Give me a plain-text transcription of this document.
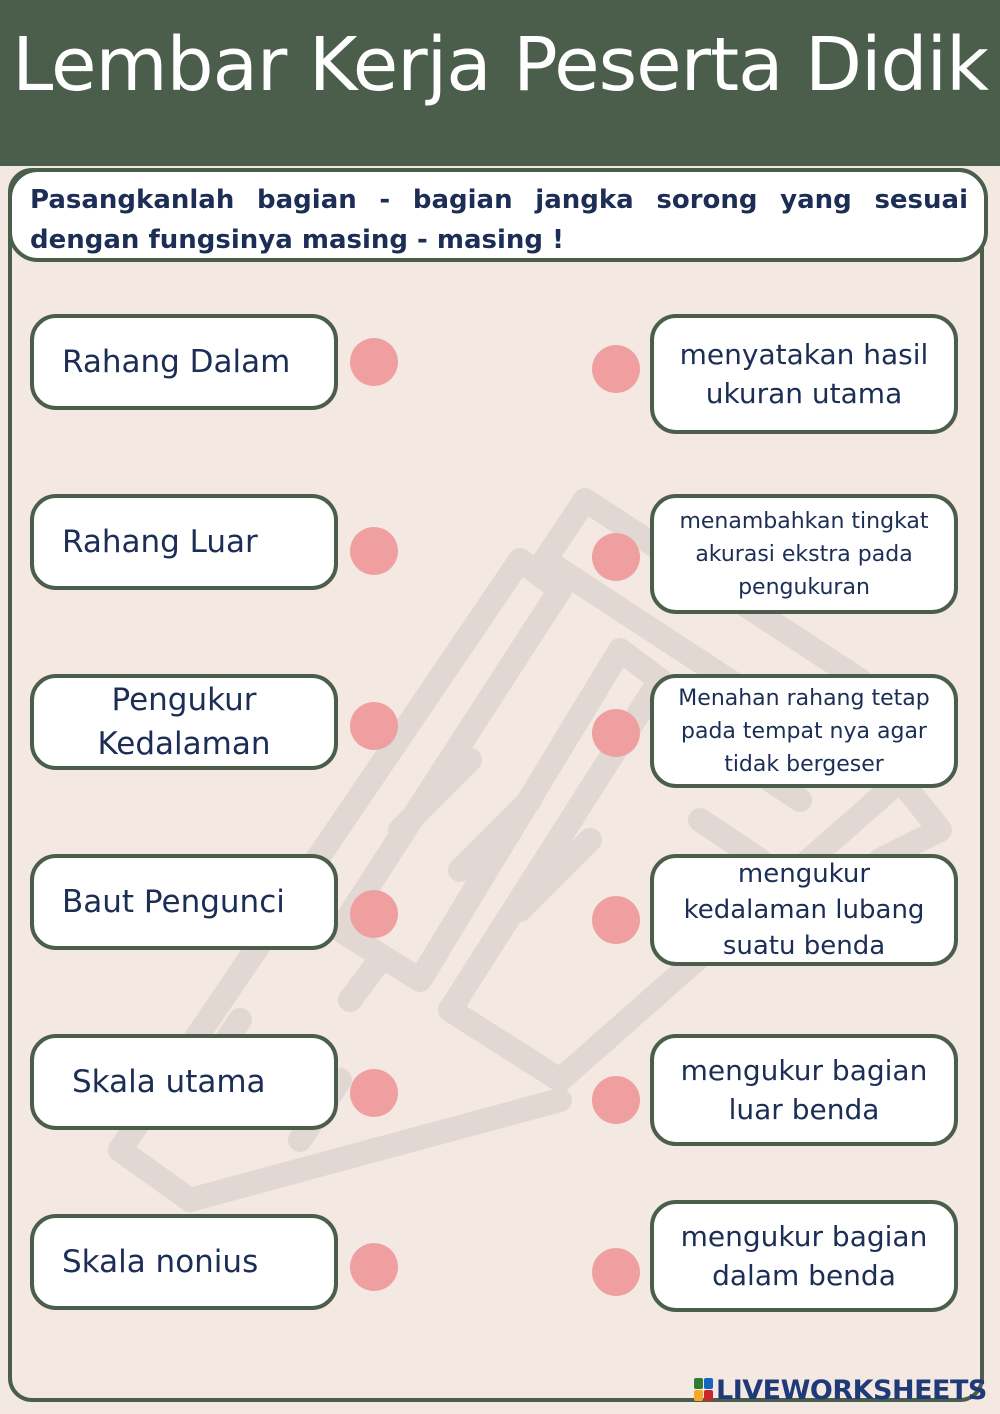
Lembar Kerja Peserta Didik
Pasangkanlah bagian - bagian jangka sorong yang sesuai dengan fungsinya masing - masing !
Rahang Dalam
Rahang Luar
Pengukur Kedalaman
Baut Pengunci
Skala utama
Skala nonius
menyatakan hasil ukuran utama
menambahkan tingkat akurasi ekstra pada pengukuran
Menahan rahang tetap pada tempat nya agar tidak bergeser
mengukur kedalaman lubang suatu benda
mengukur bagian luar benda
mengukur bagian dalam benda
LIVEWORKSHEETS
